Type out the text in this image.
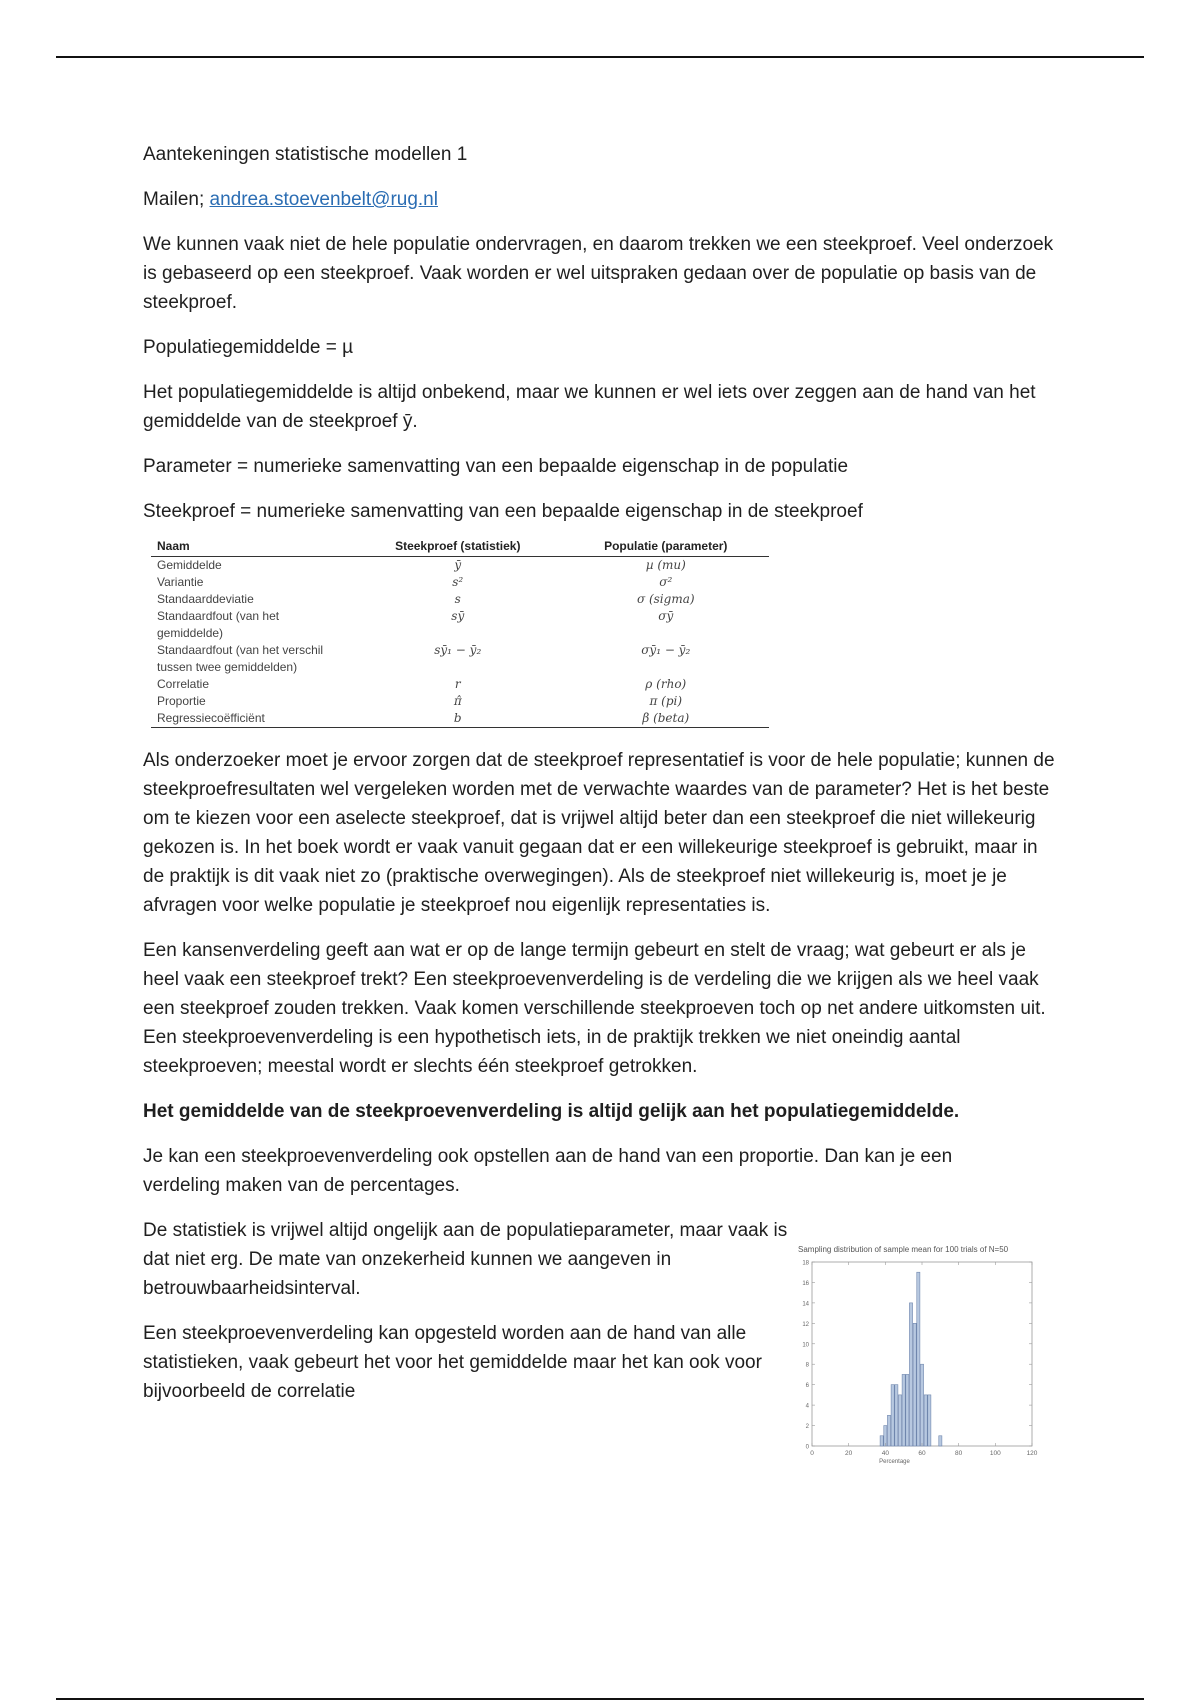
Aantekeningen statistische modellen 1

Mailen; andrea.stoevenbelt@rug.nl

We kunnen vaak niet de hele populatie ondervragen, en daarom trekken we een steekproef. Veel onderzoek is gebaseerd op een steekproef. Vaak worden er wel uitspraken gedaan over de populatie op basis van de steekproef.

Populatiegemiddelde = µ

Het populatiegemiddelde is altijd onbekend, maar we kunnen er wel iets over zeggen aan de hand van het gemiddelde van de steekproef ȳ.

Parameter = numerieke samenvatting van een bepaalde eigenschap in de populatie

Steekproef = numerieke samenvatting van een bepaalde eigenschap in de steekproef

Naam	Steekproef (statistiek)	Populatie (parameter)
Gemiddelde	ȳ	µ (mu)
Variantie	s²	σ²
Standaarddeviatie	s	σ (sigma)
Standaardfout (van het gemiddelde)	sȳ	σȳ
Standaardfout (van het verschil tussen twee gemiddelden)	sȳ₁ − ȳ₂	σȳ₁ − ȳ₂
Correlatie	r	ρ (rho)
Proportie	π̂	π (pi)
Regressiecoëfficiënt	b	β (beta)

Als onderzoeker moet je ervoor zorgen dat de steekproef representatief is voor de hele populatie; kunnen de steekproefresultaten wel vergeleken worden met de verwachte waardes van de parameter? Het is het beste om te kiezen voor een aselecte steekproef, dat is vrijwel altijd beter dan een steekproef die niet willekeurig gekozen is. In het boek wordt er vaak vanuit gegaan dat er een willekeurige steekproef is gebruikt, maar in de praktijk is dit vaak niet zo (praktische overwegingen). Als de steekproef niet willekeurig is, moet je je afvragen voor welke populatie je steekproef nou eigenlijk representaties is.

Een kansenverdeling geeft aan wat er op de lange termijn gebeurt en stelt de vraag; wat gebeurt er als je heel vaak een steekproef trekt? Een steekproevenverdeling is de verdeling die we krijgen als we heel vaak een steekproef zouden trekken. Vaak komen verschillende steekproeven toch op net andere uitkomsten uit. Een steekproevenverdeling is een hypothetisch iets, in de praktijk trekken we niet oneindig aantal steekproeven; meestal wordt er slechts één steekproef getrokken.

Het gemiddelde van de steekproevenverdeling is altijd gelijk aan het populatiegemiddelde.

Je kan een steekproevenverdeling ook opstellen aan de hand van een proportie. Dan kan je een verdeling maken van de percentages.

De statistiek is vrijwel altijd ongelijk aan de populatieparameter, maar vaak is dat niet erg. De mate van onzekerheid kunnen we aangeven in betrouwbaarheidsinterval.

Een steekproevenverdeling kan opgesteld worden aan de hand van alle statistieken, vaak gebeurt het voor het gemiddelde maar het kan ook voor bijvoorbeeld de correlatie

Sampling distribution of sample mean for 100 trials of N=50
0
2
4
6
8
10
12
14
16
18
0	20	40	60	80	100	120
Percentage
